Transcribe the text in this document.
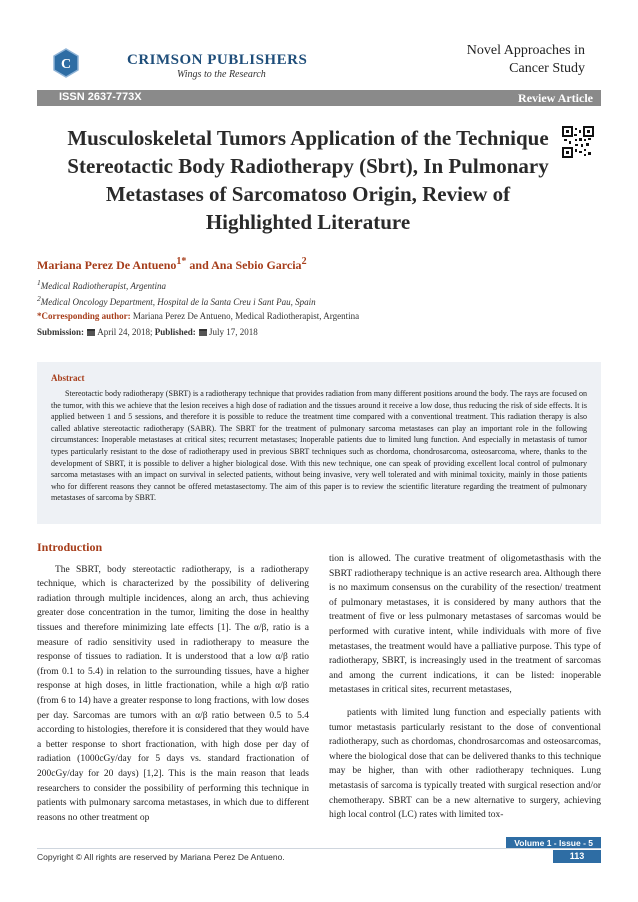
C	CRIMSON PUBLISHERS
Wings to the Research
Novel Approaches in
Cancer Study
ISSN 2637-773X	Review Article
Musculoskeletal Tumors Application of the Technique Stereotactic Body Radiotherapy (Sbrt), In Pulmonary Metastases of Sarcomatoso Origin, Review of Highlighted Literature
Mariana Perez De Antueno$^{1*}$ and Ana Sebio Garcia$^2$
$^1$Medical Radiotherapist, Argentina
$^2$Medical Oncology Department, Hospital de la Santa Creu i Sant Pau, Spain
*Corresponding author: Mariana Perez De Antueno, Medical Radiotherapist, Argentina
Submission: April 24, 2018; Published: July 17, 2018
Abstract

Stereotactic body radiotherapy (SBRT) is a radiotherapy technique that provides radiation from many different positions around the body. The rays are focused on the tumor, with this we achieve that the lesion receives a high dose of radiation and the tissues around it receive a low dose, thus reducing the risk of side effects. It is applied between 1 and 5 sessions, and therefore it is possible to reduce the treatment time compared with a conventional treatment. This radiation therapy is also called ablative stereotactic radiotherapy (SABR). The SBRT for the treatment of pulmonary sarcoma metastases can play an important role in the following circumstances: Inoperable metastases at critical sites; recurrent metastases; Inoperable patients due to limited lung function. And especially in metastasis of tumor types particularly resistant to the dose of radiotherapy used in previous SBRT techniques such as chordoma, chondrosarcoma, osteosarcoma, where, thanks to the development of SBRT, it is possible to deliver a higher biological dose. With this new technique, one can speak of providing excellent local control of pulmonary sarcoma metastases with an impact on survival in selected patients, without being invasive, very well tolerated and with minimal toxicity, mainly in those patients who for different reasons they cannot be offered metastasectomy. The aim of this paper is to review the scientific literature regarding the treatment of pulmonary metastases of sarcoma by SBRT.

Introduction

The SBRT, body stereotactic radiotherapy, is a radiotherapy technique, which is characterized by the possibility of delivering radiation through multiple incidences, along an arch, thus achieving greater dose concentration in the tumor, limiting the dose in healthy tissues and therefore minimizing late effects [1]. The α/β, ratio is a measure of radio sensitivity used in radiotherapy to measure the response of tissues to radiation. It is understood that a low α/β ratio (from 0.1 to 5.4) in relation to the surrounding tissues, have a higher response at high doses, in little fractionation, while a high α/β ratio (from 6 to 14) have a greater response to long fractions, with low doses per day. Sarcomas are tumors with an α/β ratio between 0.5 to 5.4 according to histologies, therefore it is considered that they would have a better response to short fractionation, with high dose per day of radiation (1000cGy/day for 5 days vs. standard fractionation of 200cGy/day for 20 days) [1,2]. This is the main reason that leads researchers to consider the possibility of performing this technique in patients with pulmonary sarcoma metastases, in which due to different reasons no other treatment op

tion is allowed. The curative treatment of oligometasthasis with the SBRT radiotherapy technique is an active research area. Although there is no maximum consensus on the curability of the resection/ treatment of pulmonary metastases, it is considered by many authors that the treatment of five or less pulmonary metastases of sarcomas would be performed with curative intent, while individuals with more of five metastases, the treatment would have a palliative purpose. This type of radiotherapy, SBRT, is increasingly used in the treatment of sarcomas and among the current indications, it can be listed: inoperable metastases in critical sites, recurrent metastases,

patients with limited lung function and especially patients with tumor metastasis particularly resistant to the dose of conventional radiotherapy, such as chordomas, chondrosarcomas and osteosarcomas, where the biological dose that can be delivered thanks to this technique may be higher, than with other radiotherapy techniques. Lung metastasis of sarcoma is typically treated with surgical resection and/or chemotherapy. SBRT can be a new alternative to surgery, achieving high local control (LC) rates with limited tox-

Volume 1 - Issue - 5
Copyright © All rights are reserved by Mariana Perez De Antueno.	113
